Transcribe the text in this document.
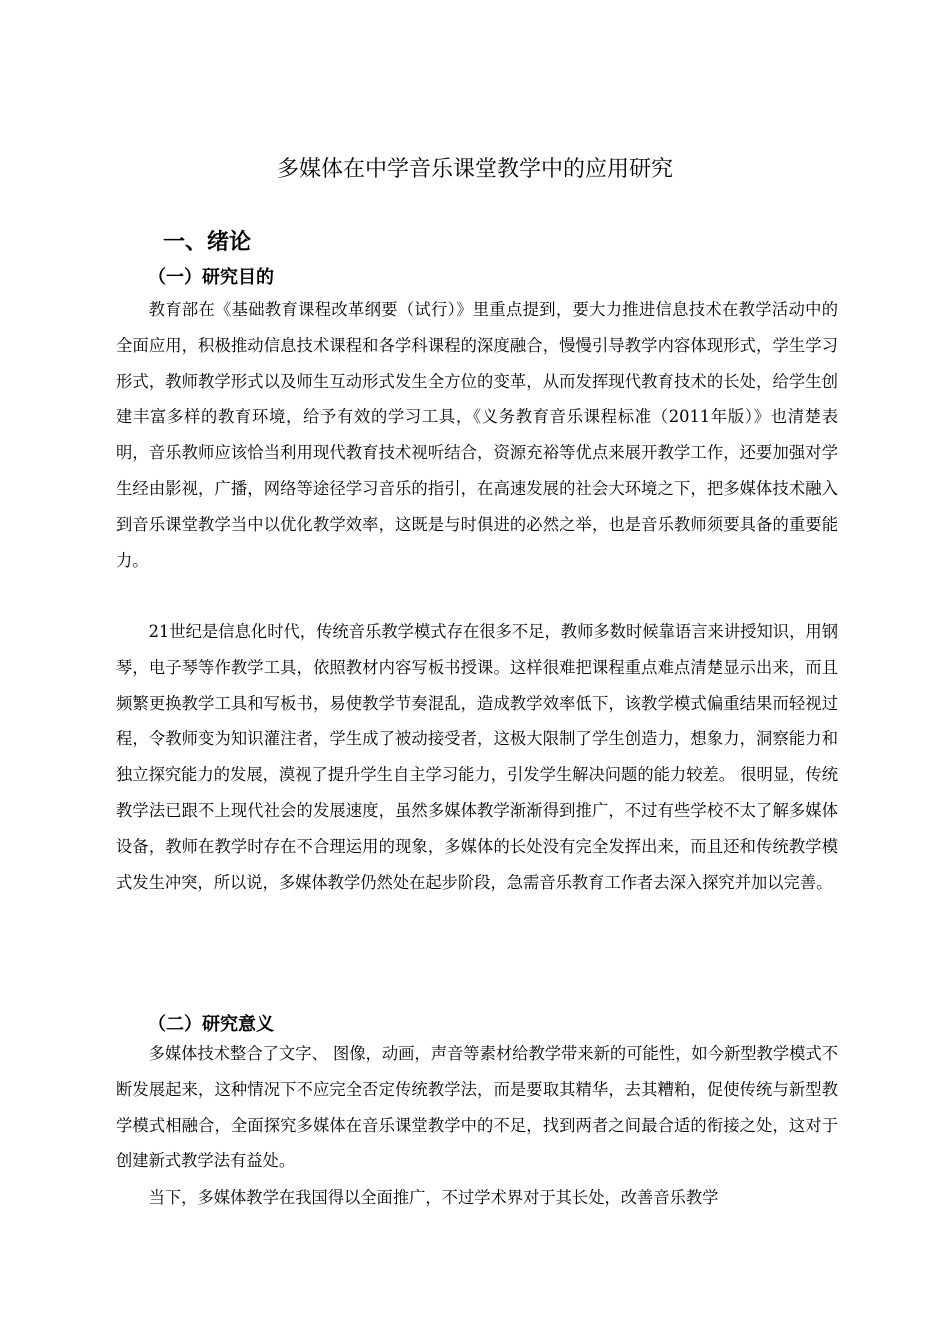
多媒体在中学音乐课堂教学中的应用研究
一、绪论
（一）研究目的

教育部在《基础教育课程改革纲要（试行）》里重点提到，要大力推进信息技术在教学活动中的全面应用，积极推动信息技术课程和各学科课程的深度融合，慢慢引导教学内容体现形式，学生学习形式，教师教学形式以及师生互动形式发生全方位的变革，从而发挥现代教育技术的长处，给学生创建丰富多样的教育环境，给予有效的学习工具，《义务教育音乐课程标准（2011年版）》也清楚表明，音乐教师应该恰当利用现代教育技术视听结合，资源充裕等优点来展开教学工作，还要加强对学生经由影视，广播，网络等途径学习音乐的指引，在高速发展的社会大环境之下，把多媒体技术融入到音乐课堂教学当中以优化教学效率，这既是与时俱进的必然之举，也是音乐教师须要具备的重要能力。

21世纪是信息化时代，传统音乐教学模式存在很多不足，教师多数时候靠语言来讲授知识，用钢琴，电子琴等作教学工具，依照教材内容写板书授课。这样很难把课程重点难点清楚显示出来，而且频繁更换教学工具和写板书，易使教学节奏混乱，造成教学效率低下，该教学模式偏重结果而轻视过程，令教师变为知识灌注者，学生成了被动接受者，这极大限制了学生创造力，想象力，洞察能力和独立探究能力的发展，漠视了提升学生自主学习能力，引发学生解决问题的能力较差。 很明显，传统教学法已跟不上现代社会的发展速度，虽然多媒体教学渐渐得到推广，不过有些学校不太了解多媒体设备，教师在教学时存在不合理运用的现象，多媒体的长处没有完全发挥出来，而且还和传统教学模式发生冲突，所以说，多媒体教学仍然处在起步阶段，急需音乐教育工作者去深入探究并加以完善。

（二）研究意义

多媒体技术整合了文字、 图像，动画，声音等素材给教学带来新的可能性，如今新型教学模式不断发展起来，这种情况下不应完全否定传统教学法，而是要取其精华，去其糟粕，促使传统与新型教学模式相融合，全面探究多媒体在音乐课堂教学中的不足，找到两者之间最合适的衔接之处，这对于创建新式教学法有益处。

当下，多媒体教学在我国得以全面推广，不过学术界对于其长处，改善音乐教学
